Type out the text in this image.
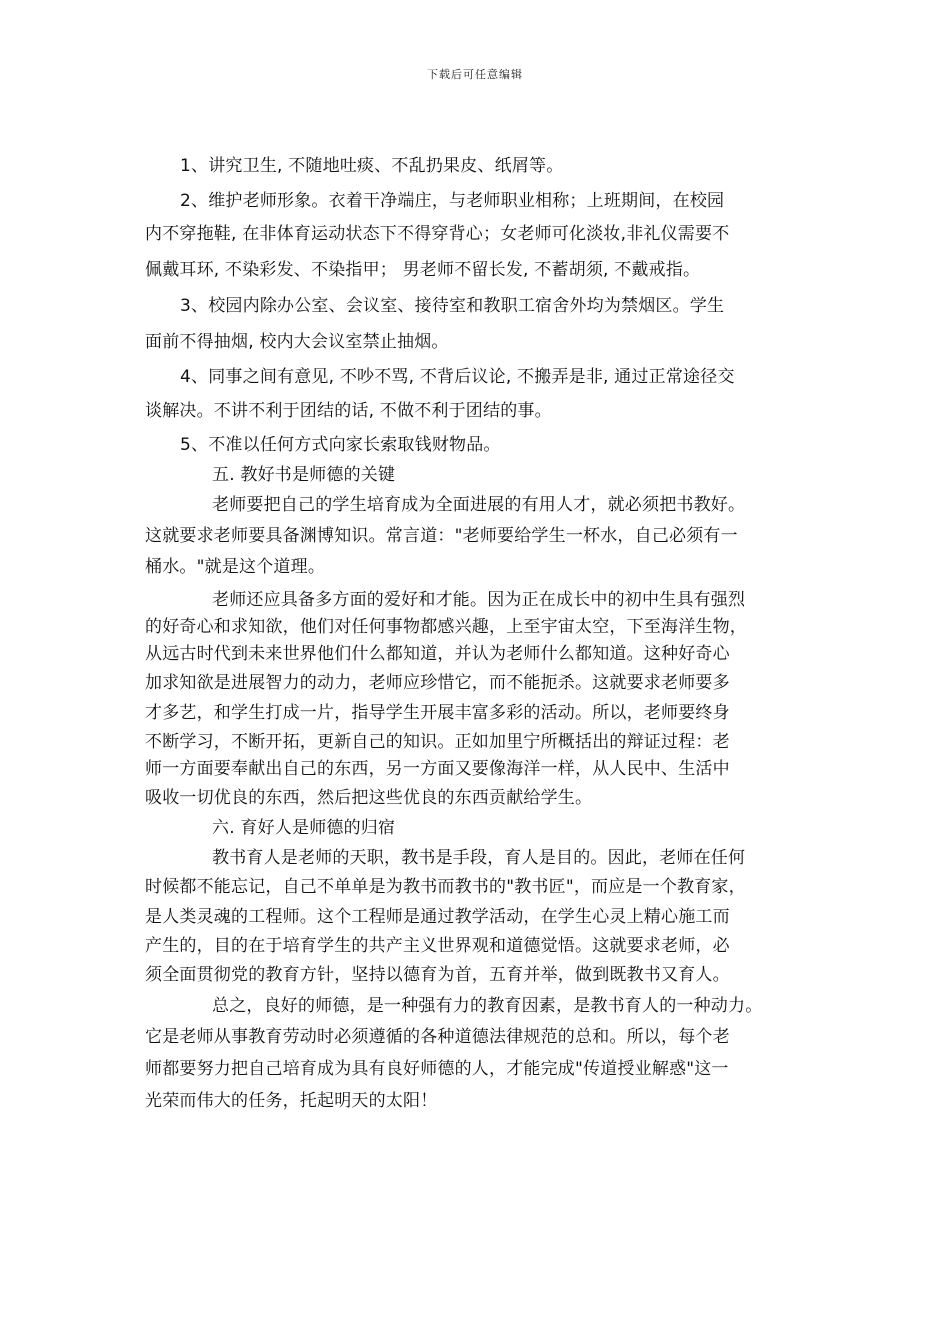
下载后可任意编辑
1、讲究卫生, 不随地吐痰、不乱扔果皮、纸屑等。
2、维护老师形象。衣着干净端庄，与老师职业相称；上班期间，在校园
内不穿拖鞋, 在非体育运动状态下不得穿背心；女老师可化淡妆,非礼仪需要不
佩戴耳环, 不染彩发、不染指甲； 男老师不留长发, 不蓄胡须, 不戴戒指。
3、校园内除办公室、会议室、接待室和教职工宿舍外均为禁烟区。学生
面前不得抽烟, 校内大会议室禁止抽烟。
4、同事之间有意见, 不吵不骂, 不背后议论, 不搬弄是非, 通过正常途径交
谈解决。不讲不利于团结的话, 不做不利于团结的事。
5、不准以任何方式向家长索取钱财物品。
五. 教好书是师德的关键
老师要把自己的学生培育成为全面进展的有用人才，就必须把书教好。
这就要求老师要具备渊博知识。常言道："老师要给学生一杯水，自己必须有一
桶水。"就是这个道理。
老师还应具备多方面的爱好和才能。因为正在成长中的初中生具有强烈
的好奇心和求知欲，他们对任何事物都感兴趣，上至宇宙太空，下至海洋生物，
从远古时代到未来世界他们什么都知道，并认为老师什么都知道。这种好奇心
加求知欲是进展智力的动力，老师应珍惜它，而不能扼杀。这就要求老师要多
才多艺，和学生打成一片，指导学生开展丰富多彩的活动。所以，老师要终身
不断学习，不断开拓，更新自己的知识。正如加里宁所概括出的辩证过程：老
师一方面要奉献出自己的东西，另一方面又要像海洋一样，从人民中、生活中
吸收一切优良的东西，然后把这些优良的东西贡献给学生。
六. 育好人是师德的归宿
教书育人是老师的天职，教书是手段，育人是目的。因此，老师在任何
时候都不能忘记，自己不单单是为教书而教书的"教书匠"，而应是一个教育家，
是人类灵魂的工程师。这个工程师是通过教学活动，在学生心灵上精心施工而
产生的，目的在于培育学生的共产主义世界观和道德觉悟。这就要求老师，必
须全面贯彻党的教育方针，坚持以德育为首，五育并举，做到既教书又育人。
总之，良好的师德，是一种强有力的教育因素，是教书育人的一种动力。
它是老师从事教育劳动时必须遵循的各种道德法律规范的总和。所以，每个老
师都要努力把自己培育成为具有良好师德的人，才能完成"传道授业解惑"这一
光荣而伟大的任务，托起明天的太阳！
